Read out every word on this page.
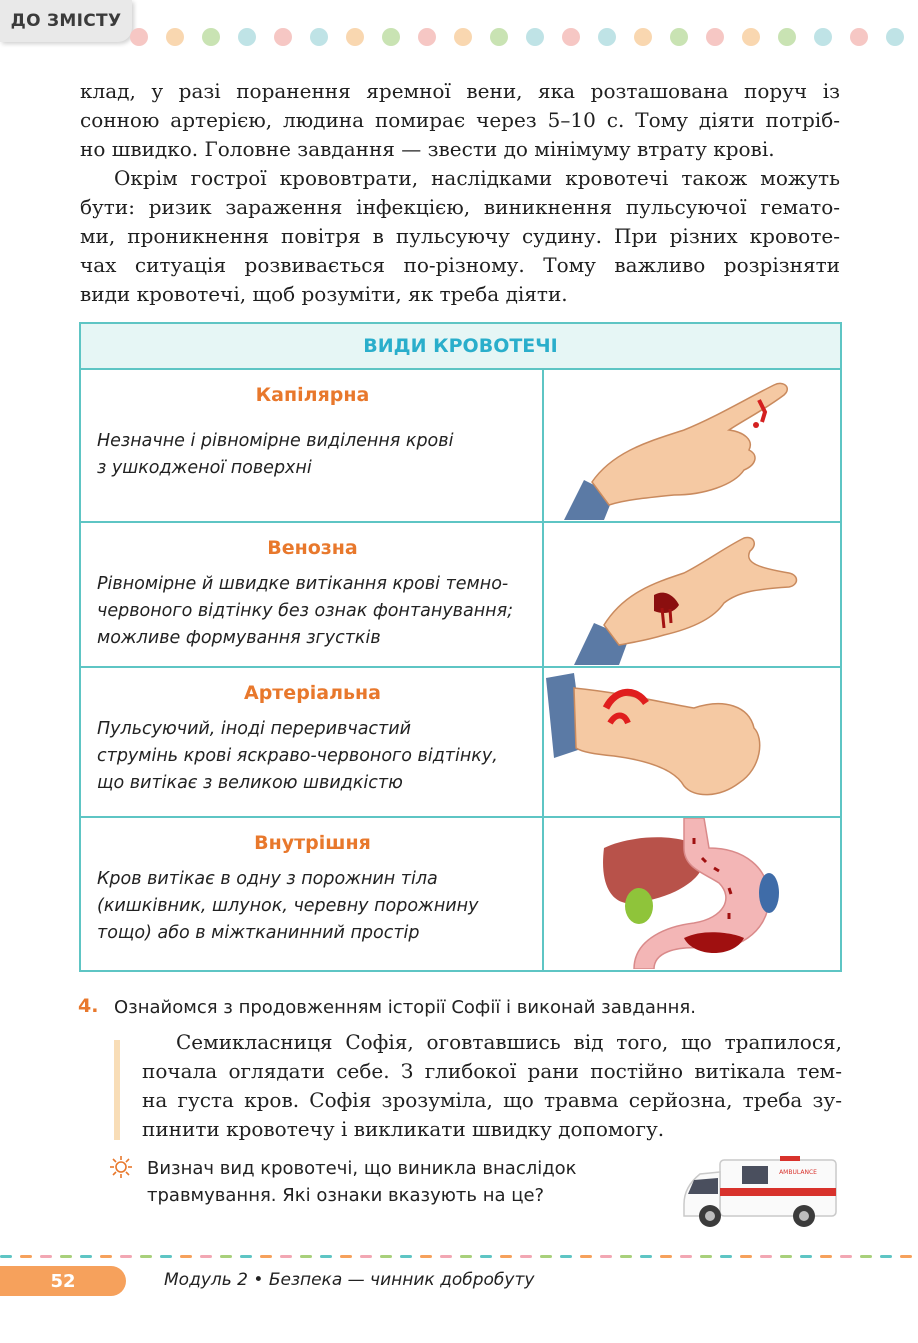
ДО ЗМІСТУ
клад, у разі поранення яремної вени, яка розташована поруч із
сонною артерією, людина помирає через 5–10 с. Тому діяти потріб-
но швидко. Головне завдання — звести до мінімуму втрату крові.
Окрім гострої крововтрати, наслідками кровотечі також можуть
бути: ризик зараження інфекцією, виникнення пульсуючої гемато-
ми, проникнення повітря в пульсуючу судину. При різних кровоте-
чах ситуація розвивається по-різному. Тому важливо розрізняти
види кровотечі, щоб розуміти, як треба діяти.
ВИДИ КРОВОТЕЧІ	

Капілярна
Незначне і рівномірне виділення крові
з ушкодженої поверхні

Венозна
Рівномірне й швидке витікання крові темно-
червоного відтінку без ознак фонтанування;
можливе формування згустків

Артеріальна
Пульсуючий, іноді переривчастий
струмінь крові яскраво-червоного відтінку,
що витікає з великою швидкістю

Внутрішня
Кров витікає в одну з порожнин тіла
(кишківник, шлунок, черевну порожнину
тощо) або в міжтканинний простір

4. Ознайомся з продовженням історії Софії і виконай завдання.
Семикласниця Софія, оговтавшись від того, що трапилося,
почала оглядати себе. З глибокої рани постійно витікала тем-
на густа кров. Софія зрозуміла, що травма серйозна, треба зу-
пинити кровотечу і викликати швидку допомогу.
Визнач вид кровотечі, що виникла внаслідок
травмування. Які ознаки вказують на це?
AMBULANCE
52	Модуль 2 • Безпека — чинник добробуту
